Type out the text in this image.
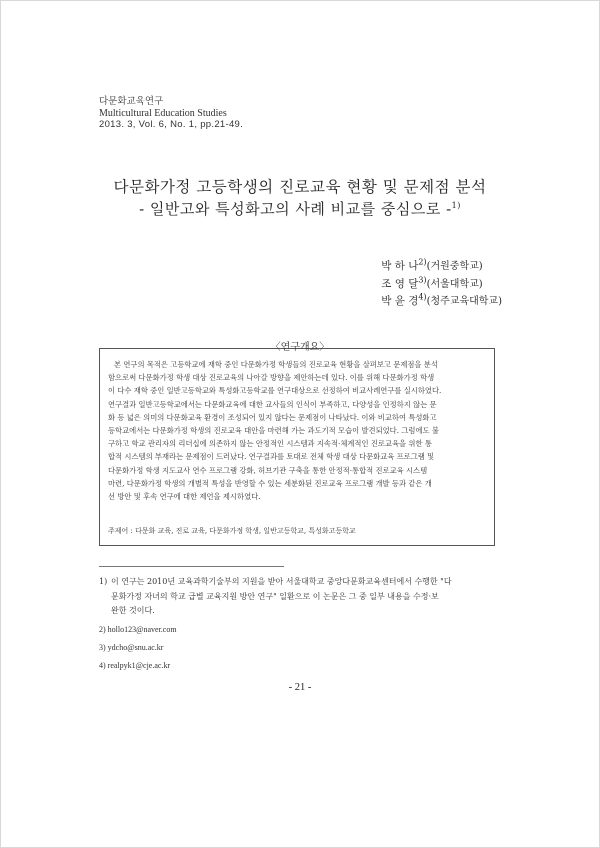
다문화교육연구
Multicultural Education Studies
2013. 3, Vol. 6, No. 1, pp.21-49.
다문화가정 고등학생의 진로교육 현황 및 문제점 분석
- 일반고와 특성화고의 사례 비교를 중심으로 -$^{1)}$
박 하 나$^{2)}$(거원중학교)
조 영 달$^{3)}$(서울대학교)
박 윤 경$^{4)}$(청주교육대학교)
〈연구개요〉
본 연구의 목적은 고등학교에 재학 중인 다문화가정 학생들의 진로교육 현황을 살펴보고 문제점을 분석
함으로써 다문화가정 학생 대상 진로교육의 나아갈 방향을 제안하는데 있다. 이를 위해 다문화가정 학생
이 다수 재학 중인 일반고등학교와 특성화고등학교를 연구대상으로 선정하여 비교사례연구를 실시하였다.
연구결과 일반고등학교에서는 다문화교육에 대한 교사들의 인식이 부족하고, 다양성을 인정하지 않는 문
화 등 넓은 의미의 다문화교육 환경이 조성되어 있지 않다는 문제점이 나타났다. 이와 비교하여 특성화고
등학교에서는 다문화가정 학생의 진로교육 대안을 마련해 가는 과도기적 모습이 발견되었다. 그럼에도 불
구하고 학교 관리자의 리더십에 의존하지 않는 안정적인 시스템과 지속적·체계적인 진로교육을 위한 통
합적 시스템의 부재라는 문제점이 드러났다. 연구결과를 토대로 전체 학생 대상 다문화교육 프로그램 및
다문화가정 학생 지도교사 연수 프로그램 강화, 허브기관 구축을 통한 안정적·통합적 진로교육 시스템
마련, 다문화가정 학생의 개별적 특성을 반영할 수 있는 세분화된 진로교육 프로그램 개발 등과 같은 개
선 방안 및 후속 연구에 대한 제언을 제시하였다.
주제어 : 다문화 교육, 진로 교육, 다문화가정 학생, 일반고등학교, 특성화고등학교
1) 이 연구는 2010년 교육과학기술부의 지원을 받아 서울대학교 중앙다문화교육센터에서 수행한 "다
문화가정 자녀의 학교 급별 교육지원 방안 연구" 일환으로 이 논문은 그 중 일부 내용을 수정·보
완한 것이다.
2) hollo123@naver.com
3) ydcho@snu.ac.kr
4) realpyk1@cje.ac.kr
- 21 -
